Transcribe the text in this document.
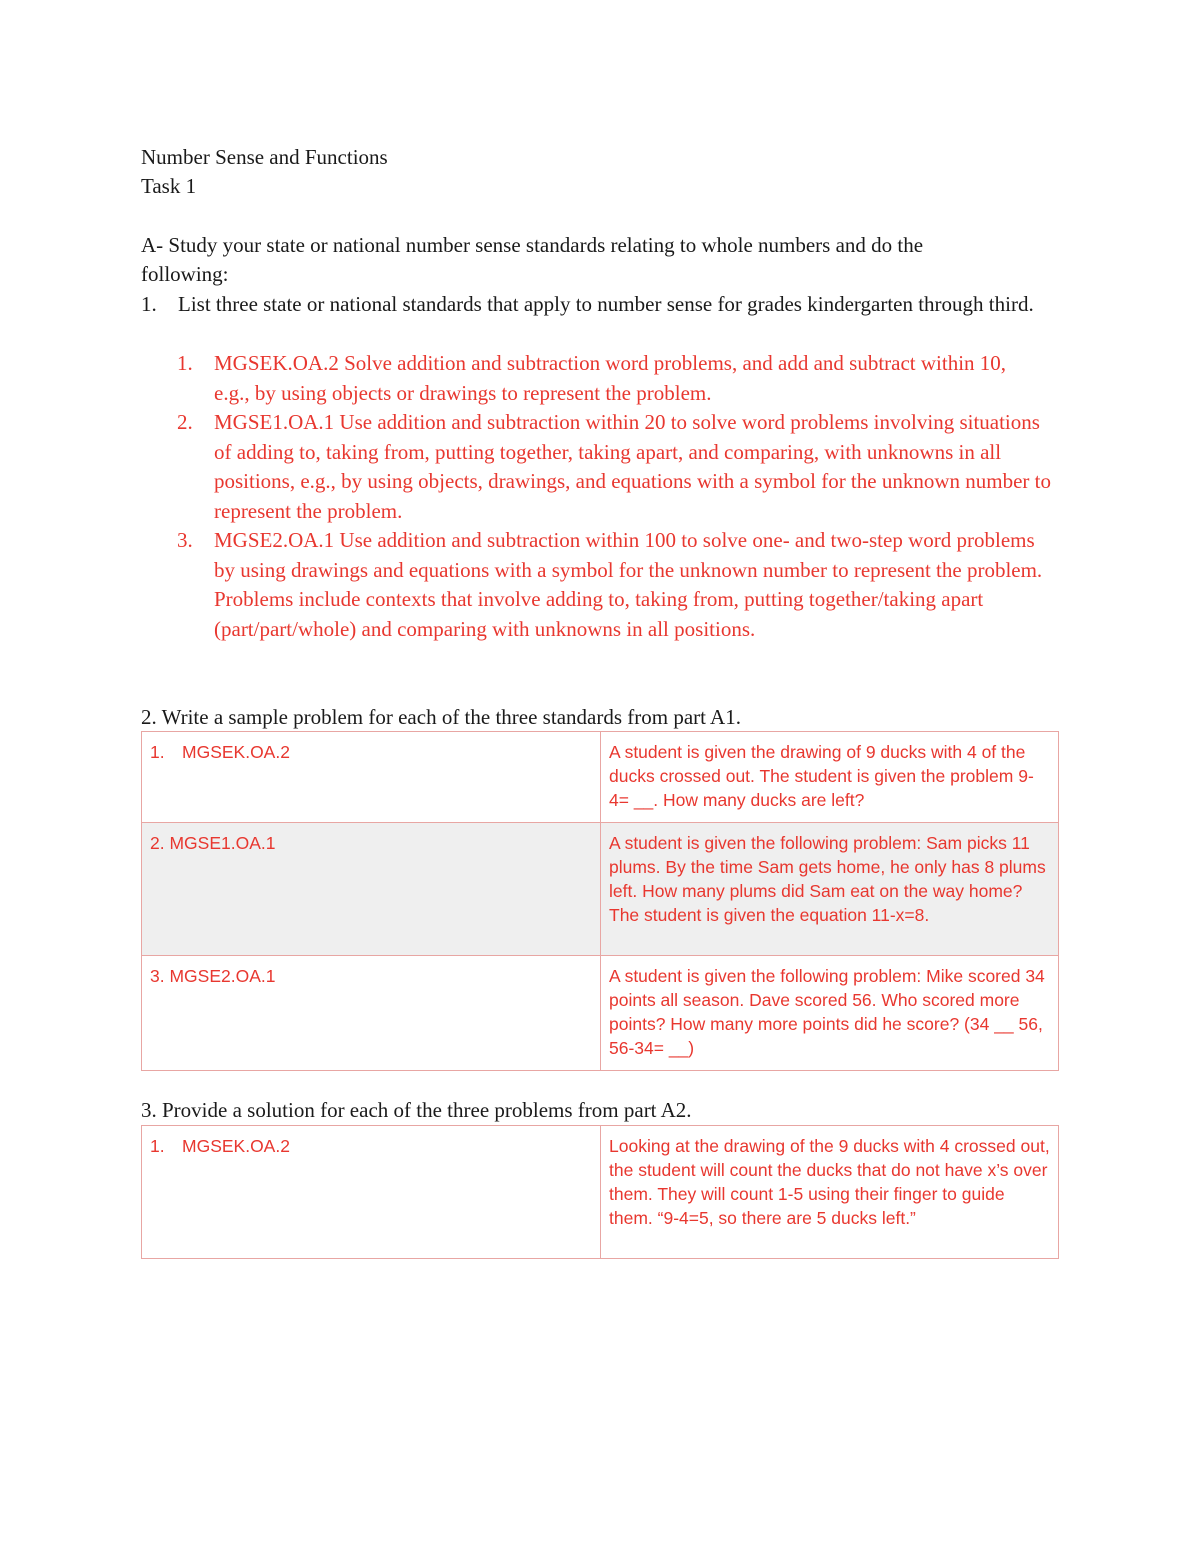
Number Sense and Functions
Task 1
A- Study your state or national number sense standards relating to whole numbers and do the
following:
1. List three state or national standards that apply to number sense for grades kindergarten through third.
1. MGSEK.OA.2 Solve addition and subtraction word problems, and add and subtract within 10, e.g., by using objects or drawings to represent the problem.
2. MGSE1.OA.1 Use addition and subtraction within 20 to solve word problems involving situations of adding to, taking from, putting together, taking apart, and comparing, with unknowns in all positions, e.g., by using objects, drawings, and equations with a symbol for the unknown number to represent the problem.
3. MGSE2.OA.1 Use addition and subtraction within 100 to solve one- and two-step word problems by using drawings and equations with a symbol for the unknown number to represent the problem. Problems include contexts that involve adding to, taking from, putting together/taking apart (part/part/whole) and comparing with unknowns in all positions.
2. Write a sample problem for each of the three standards from part A1.
1. MGSEK.OA.2	A student is given the drawing of 9 ducks with 4 of the ducks crossed out. The student is given the problem 9-4= __. How many ducks are left?
2. MGSE1.OA.1	A student is given the following problem: Sam picks 11 plums. By the time Sam gets home, he only has 8 plums left. How many plums did Sam eat on the way home? The student is given the equation 11-x=8.
3. MGSE2.OA.1	A student is given the following problem: Mike scored 34 points all season. Dave scored 56. Who scored more points? How many more points did he score? (34 __ 56, 56-34= __)
3. Provide a solution for each of the three problems from part A2.
1. MGSEK.OA.2	Looking at the drawing of the 9 ducks with 4 crossed out, the student will count the ducks that do not have x’s over them. They will count 1-5 using their finger to guide them. “9-4=5, so there are 5 ducks left.”
